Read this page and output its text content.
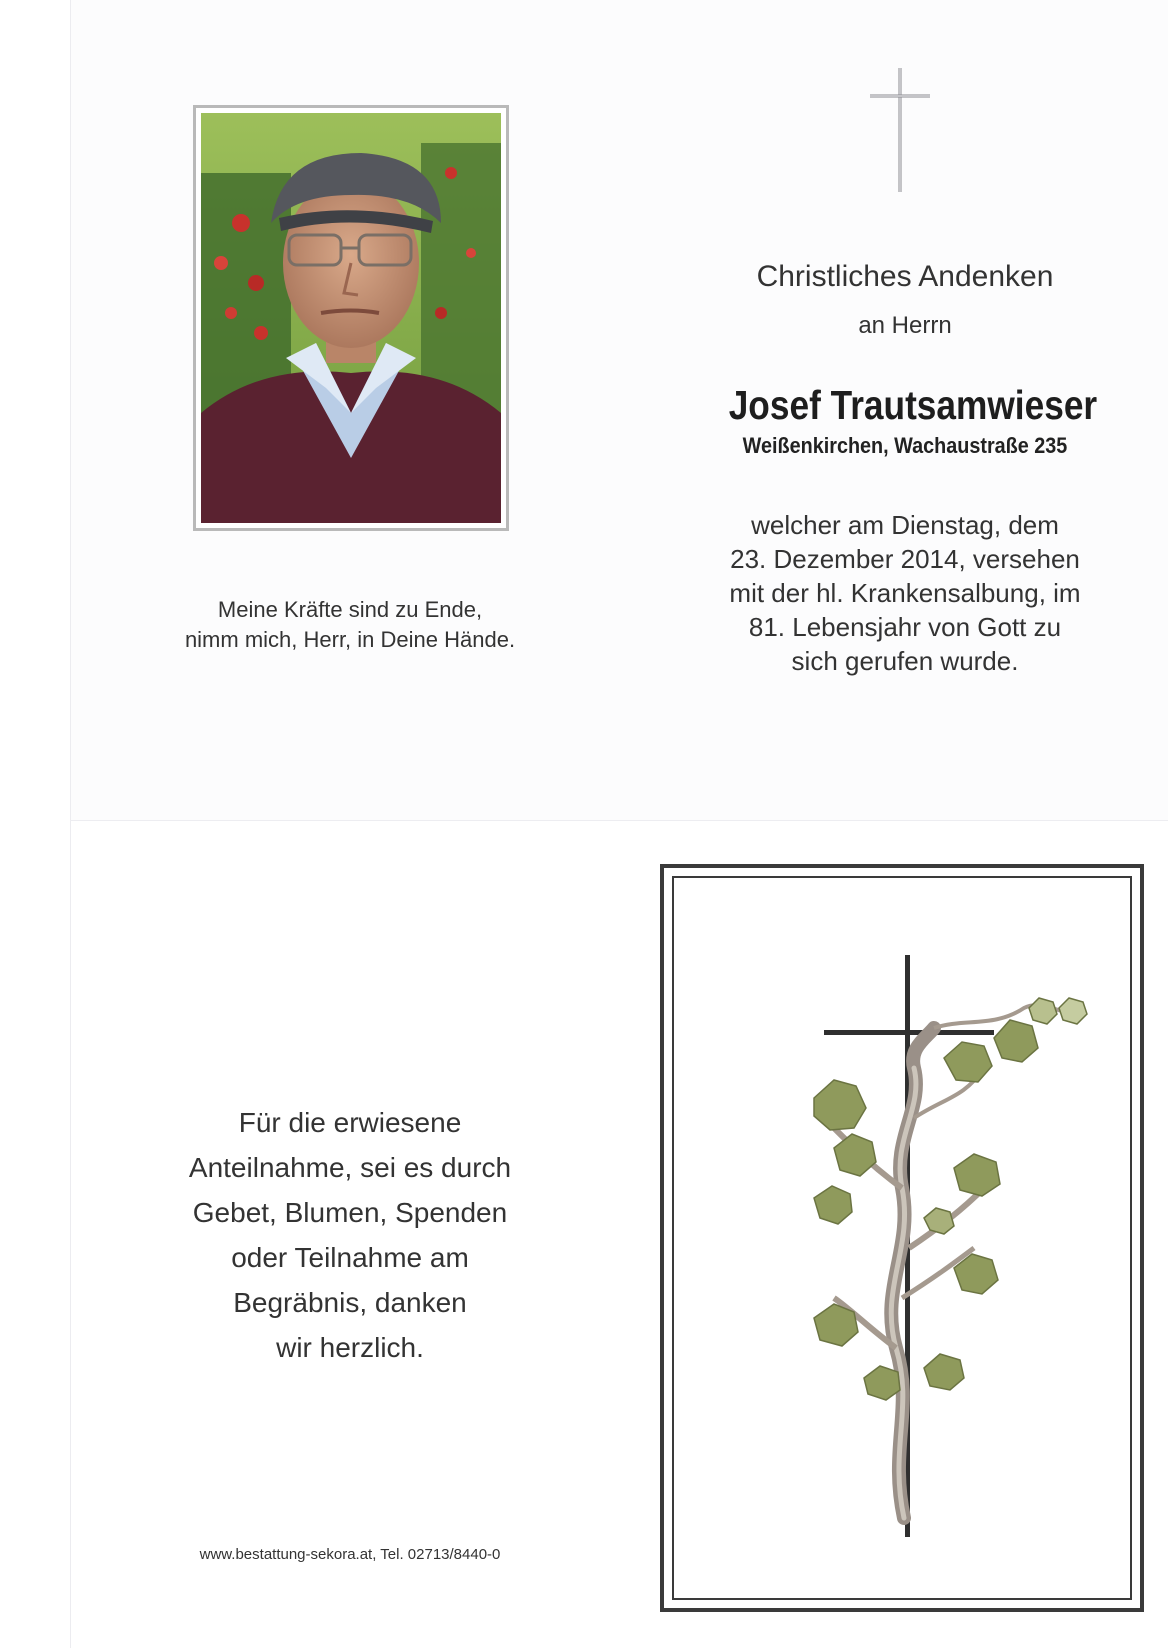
Meine Kräfte sind zu Ende,
nimm mich, Herr, in Deine Hände.
Christliches Andenken
an Herrn
Josef Trautsamwieser
Weißenkirchen, Wachaustraße 235
welcher am Dienstag, dem
23. Dezember 2014, versehen
mit der hl. Krankensalbung, im
81. Lebensjahr von Gott zu
sich gerufen wurde.
Für die erwiesene
Anteilnahme, sei es durch
Gebet, Blumen, Spenden
oder Teilnahme am
Begräbnis, danken
wir herzlich.
www.bestattung-sekora.at, Tel. 02713/8440-0
